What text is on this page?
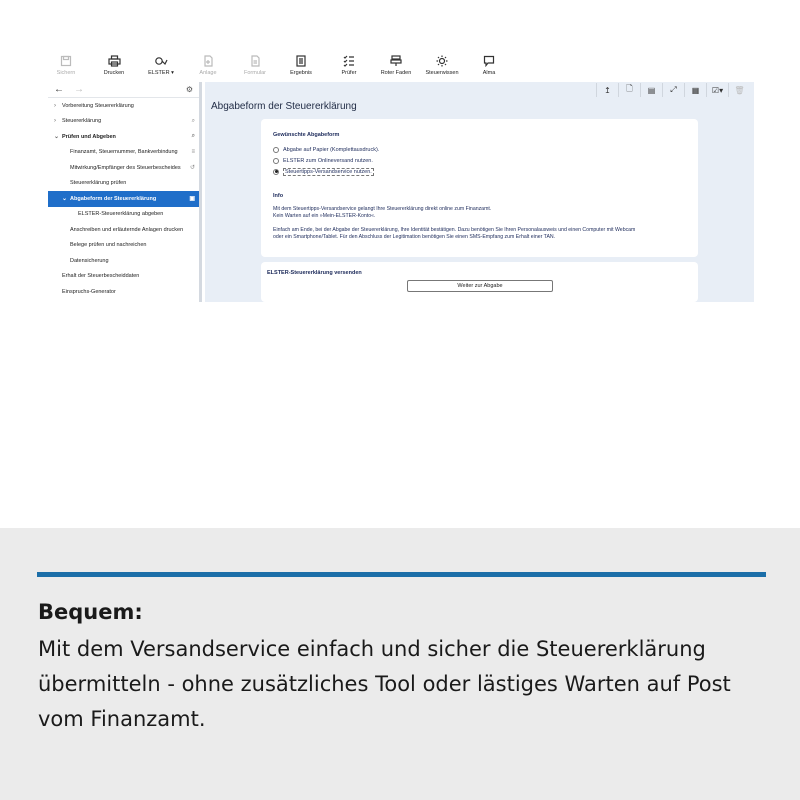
Sichern	Drucken	ELSTER ▾	Anlage	Formular	Ergebnis	Prüfer	Roter Faden	Steuerwissen	Alma
← →	⚙
› Vorbereitung Steuererklärung
› Steuererklärung	⌕
⌄ Prüfen und Abgeben	⌕
Finanzamt, Steuernummer, Bankverbindung ≡
Mitwirkung/Empfänger des Steuerbescheides ↺
Steuererklärung prüfen
⌄ Abgabeform der Steuererklärung	▣
ELSTER-Steuererklärung abgeben
Anschreiben und erläuternde Anlagen drucken
Belege prüfen und nachreichen
Datensicherung
Erhalt der Steuerbescheiddaten
Einspruchs-Generator
↥	🗋	▤	⤢	▦	☑▾	🗑
Abgabeform der Steuererklärung
Gewünschte Abgabeform
Abgabe auf Papier (Komplettausdruck).
ELSTER zum Onlineversand nutzen.
Steuertipps-Versandservice nutzen.
Info
Mit dem Steuertipps-Versandservice gelangt Ihre Steuererklärung direkt online zum Finanzamt.
Kein Warten auf ein »Mein-ELSTER-Konto«.
Einfach am Ende, bei der Abgabe der Steuererklärung, Ihre Identität bestätigen. Dazu benötigen Sie Ihren Personalausweis und einen Computer mit Webcam
oder ein Smartphone/Tablet. Für den Abschluss der Legitimation benötigen Sie einen SMS-Empfang zum Erhalt einer TAN.
ELSTER-Steuererklärung versenden
Weiter zur Abgabe
Bequem:
Mit dem Versandservice einfach und sicher die Steuererklärung übermitteln - ohne zusätzliches Tool oder lästiges Warten auf Post vom Finanzamt.
